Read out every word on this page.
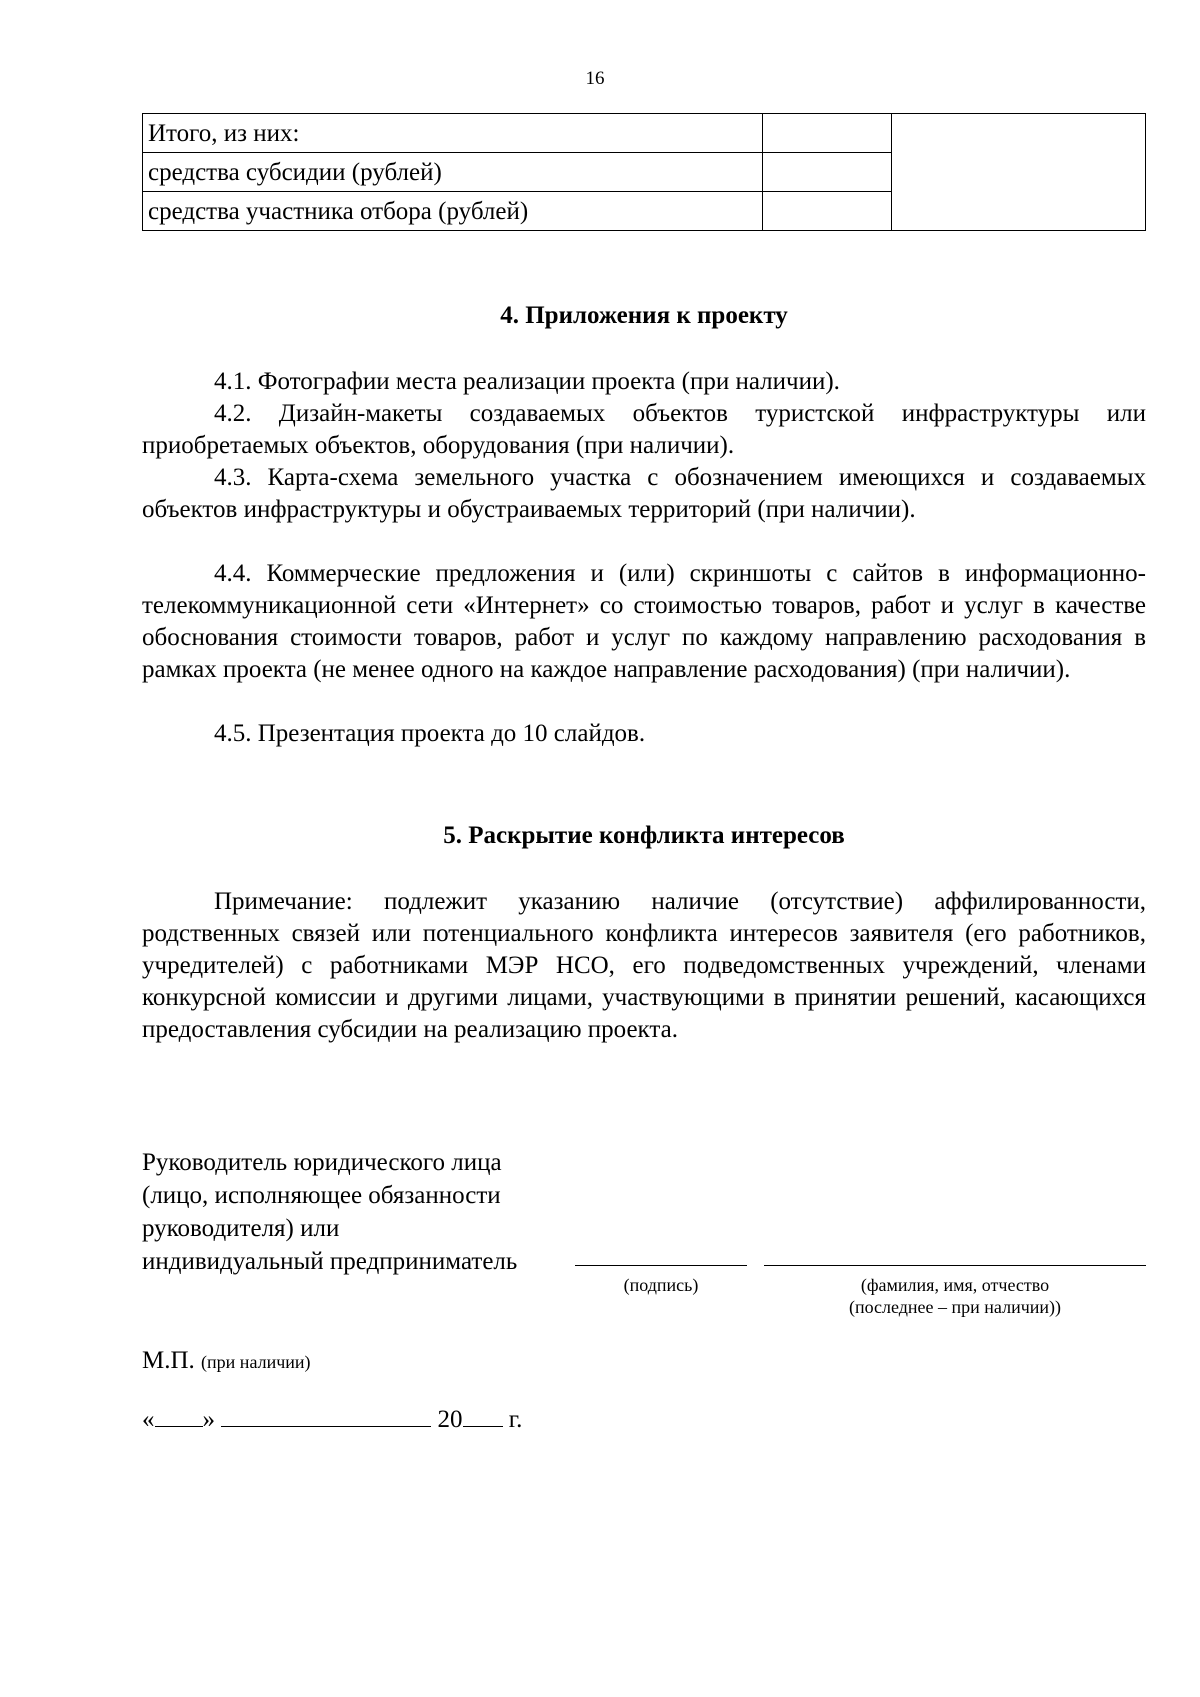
16
Итого, из них:		
средства субсидии (рублей)		
средства участника отбора (рублей)		
4. Приложения к проекту

4.1. Фотографии места реализации проекта (при наличии).

4.2. Дизайн-макеты создаваемых объектов туристской инфраструктуры или приобретаемых объектов, оборудования (при наличии).

4.3. Карта-схема земельного участка с обозначением имеющихся и создаваемых объектов инфраструктуры и обустраиваемых территорий (при наличии).

4.4. Коммерческие предложения и (или) скриншоты с сайтов в информационно-телекоммуникационной сети «Интернет» со стоимостью товаров, работ и услуг в качестве обоснования стоимости товаров, работ и услуг по каждому направлению расходования в рамках проекта (не менее одного на каждое направление расходования) (при наличии).

4.5. Презентация проекта до 10 слайдов.

5. Раскрытие конфликта интересов

Примечание: подлежит указанию наличие (отсутствие) аффилированности, родственных связей или потенциального конфликта интересов заявителя (его работников, учредителей) с работниками МЭР НСО, его подведомственных учреждений, членами конкурсной комиссии и другими лицами, участвующими в принятии решений, касающихся предоставления субсидии на реализацию проекта.

Руководитель юридического лица
(лицо, исполняющее обязанности
руководителя) или
индивидуальный предприниматель
(подпись)	(фамилия, имя, отчество
(последнее – при наличии))
М.П. (при наличии)
« »	20 г.
